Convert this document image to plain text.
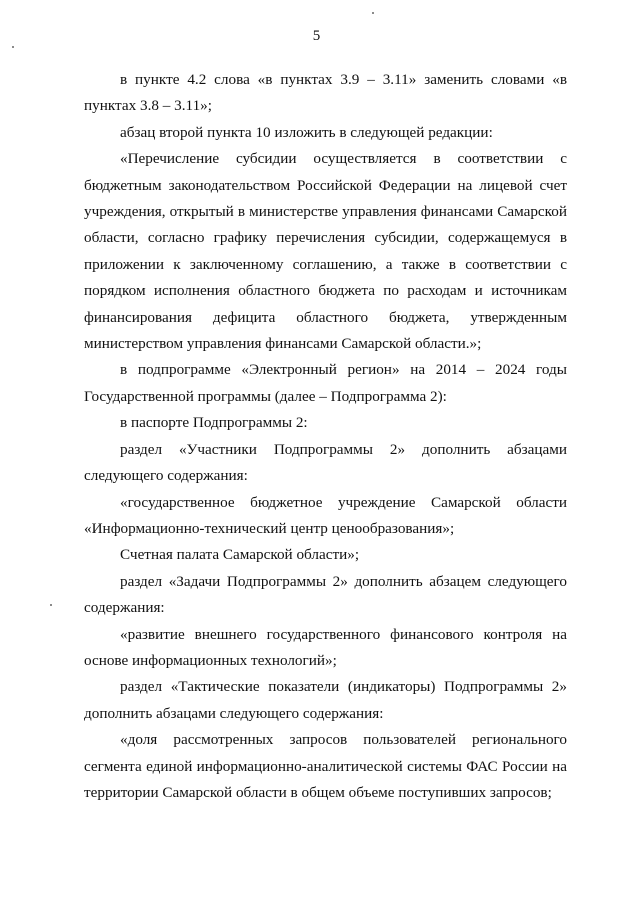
5

в пункте 4.2 слова «в пунктах 3.9 – 3.11» заменить словами «в пунктах 3.8 – 3.11»;

абзац второй пункта 10 изложить в следующей редакции:

«Перечисление субсидии осуществляется в соответствии с бюджетным законодательством Российской Федерации на лицевой счет учреждения, открытый в министерстве управления финансами Самарской области, согласно графику перечисления субсидии, содержащемуся в приложении к заключенному соглашению, а также в соответствии с порядком исполнения областного бюджета по расходам и источникам финансирования дефицита областного бюджета, утвержденным министерством управления финансами Самарской области.»;

в подпрограмме «Электронный регион» на 2014 – 2024 годы Государственной программы (далее – Подпрограмма 2):

в паспорте Подпрограммы 2:

раздел «Участники Подпрограммы 2» дополнить абзацами следующего содержания:

«государственное бюджетное учреждение Самарской области «Информационно-технический центр ценообразования»;

Счетная палата Самарской области»;

раздел «Задачи Подпрограммы 2» дополнить абзацем следующего содержания:

«развитие внешнего государственного финансового контроля на основе информационных технологий»;

раздел «Тактические показатели (индикаторы) Подпрограммы 2» дополнить абзацами следующего содержания:

«доля рассмотренных запросов пользователей регионального сегмента единой информационно-аналитической системы ФАС России на территории Самарской области в общем объеме поступивших запросов;
